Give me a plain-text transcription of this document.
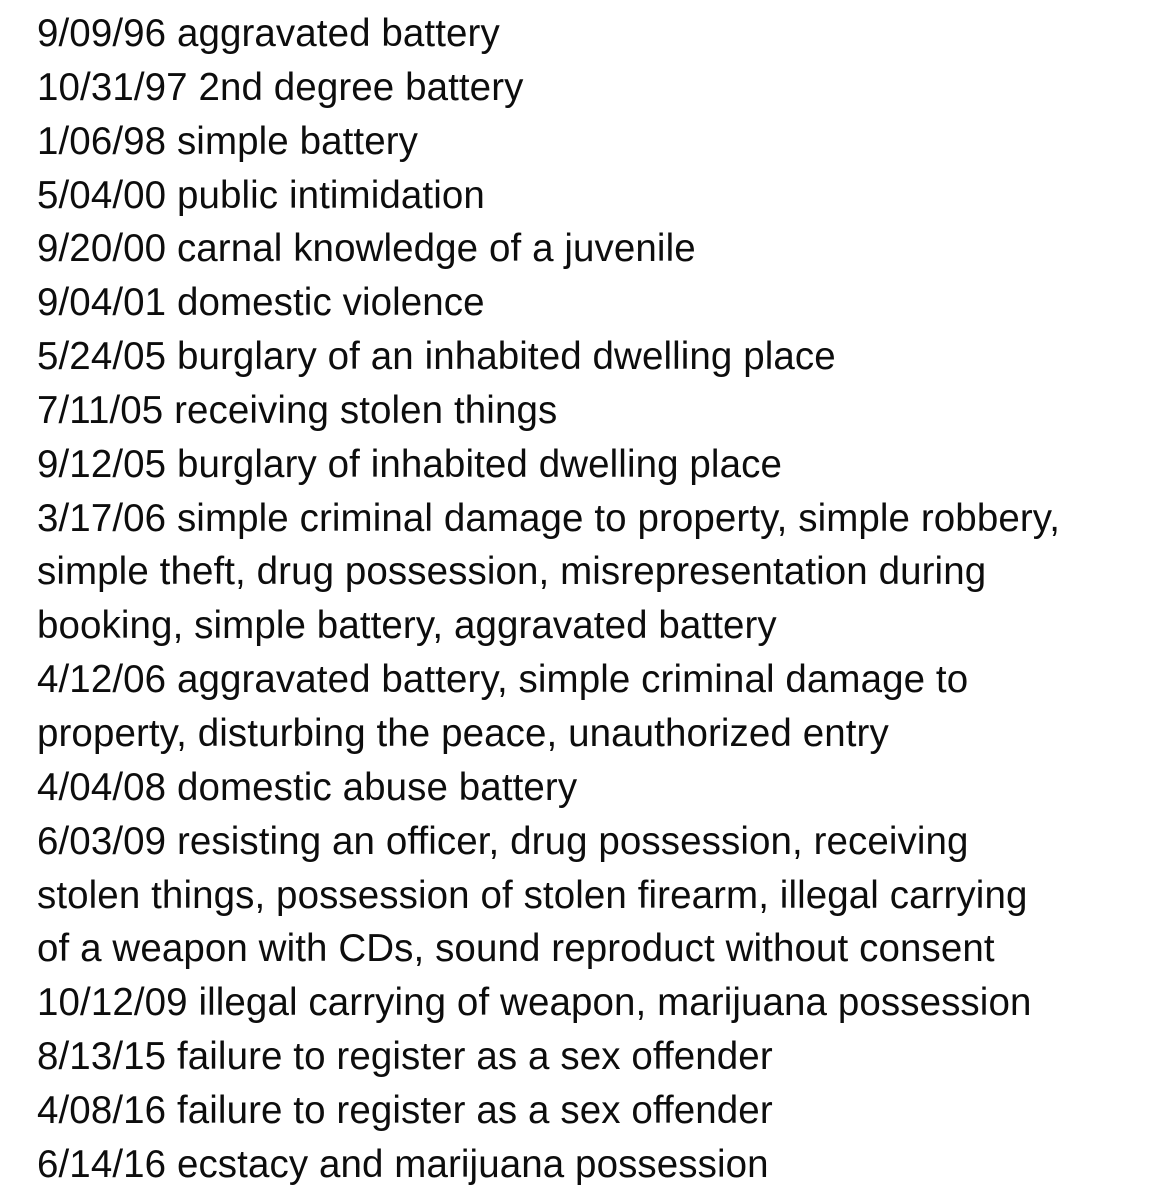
9/09/96 aggravated battery
10/31/97 2nd degree battery
1/06/98 simple battery
5/04/00 public intimidation
9/20/00 carnal knowledge of a juvenile
9/04/01 domestic violence
5/24/05 burglary of an inhabited dwelling place
7/11/05 receiving stolen things
9/12/05 burglary of inhabited dwelling place
3/17/06 simple criminal damage to property, simple robbery,
simple theft, drug possession, misrepresentation during
booking, simple battery, aggravated battery
4/12/06 aggravated battery, simple criminal damage to
property, disturbing the peace, unauthorized entry
4/04/08 domestic abuse battery
6/03/09 resisting an officer, drug possession, receiving
stolen things, possession of stolen firearm, illegal carrying
of a weapon with CDs, sound reproduct without consent
10/12/09 illegal carrying of weapon, marijuana possession
8/13/15 failure to register as a sex offender
4/08/16 failure to register as a sex offender
6/14/16 ecstacy and marijuana possession
